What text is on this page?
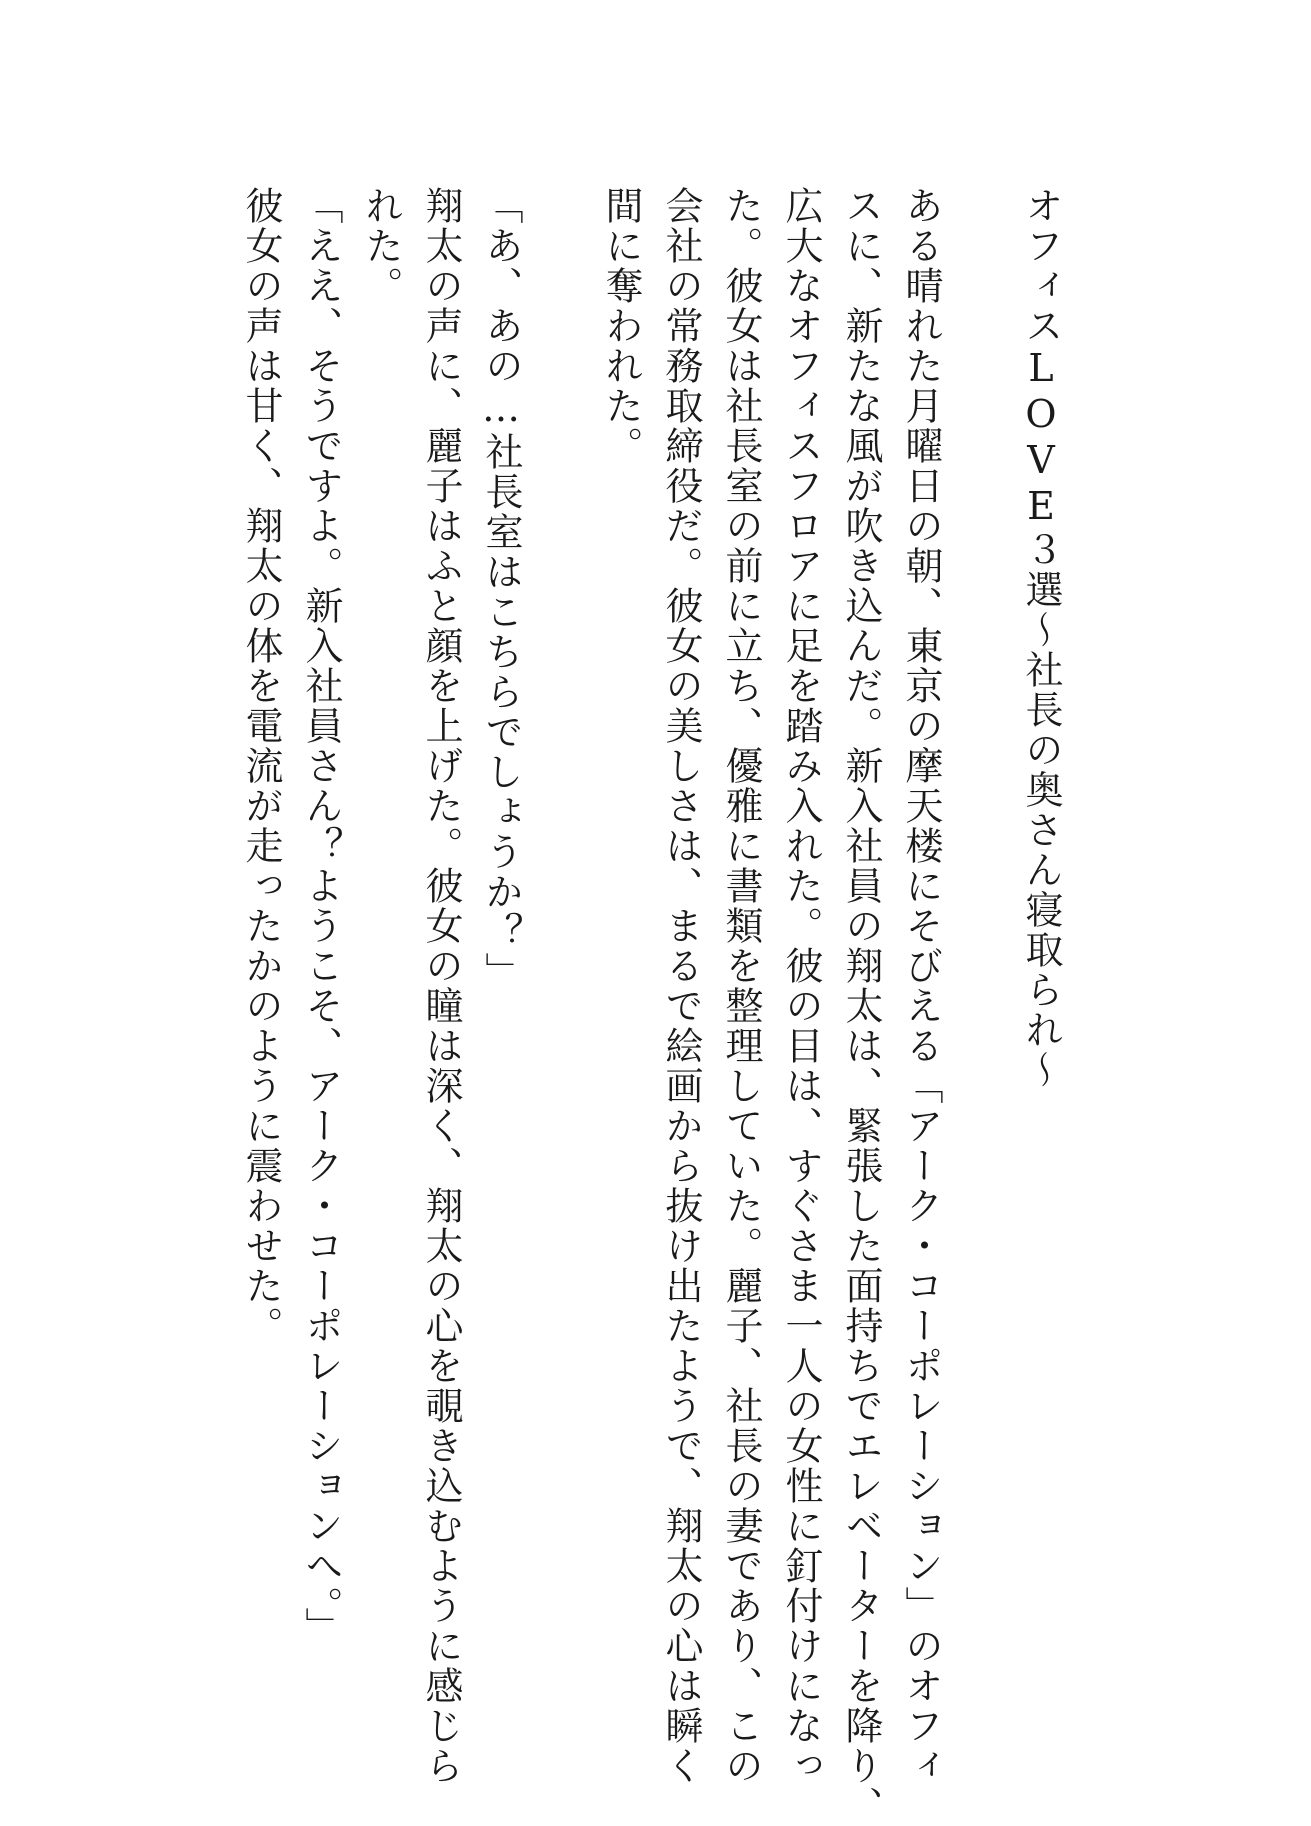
オフィスLOVE３選～社長の奥さん寝取られ～
ある晴れた月曜日の朝、東京の摩天楼にそびえる「アーク・コーポレーション」のオフィ
スに、新たな風が吹き込んだ。新入社員の翔太は、緊張した面持ちでエレベーターを降り、
広大なオフィスフロアに足を踏み入れた。彼の目は、すぐさま一人の女性に釘付けになっ
た。彼女は社長室の前に立ち、優雅に書類を整理していた。麗子、社長の妻であり、この
会社の常務取締役だ。彼女の美しさは、まるで絵画から抜け出たようで、翔太の心は瞬く
間に奪われた。
「あ、あの…社長室はこちらでしょうか？」
翔太の声に、麗子はふと顔を上げた。彼女の瞳は深く、翔太の心を覗き込むように感じら
れた。
「ええ、そうですよ。新入社員さん？ようこそ、アーク・コーポレーションへ。」
彼女の声は甘く、翔太の体を電流が走ったかのように震わせた。
